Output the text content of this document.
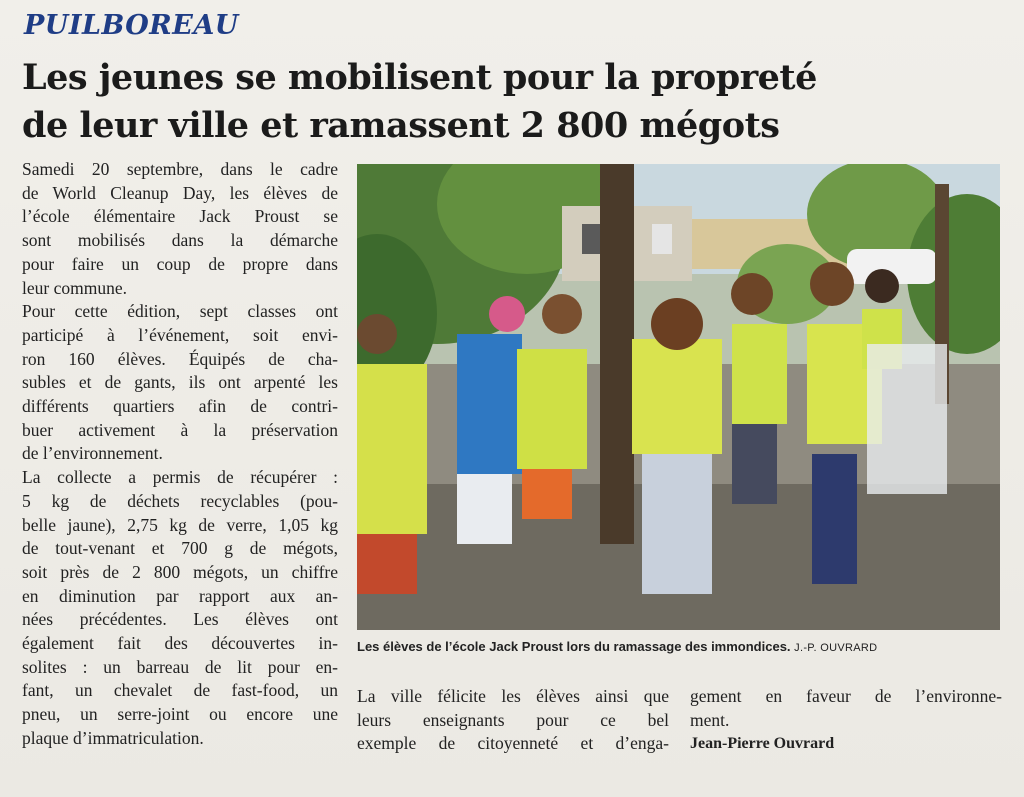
PUILBOREAU
Les jeunes se mobilisent pour la propreté
de leur ville et ramassent 2 800 mégots
Samedi 20 septembre, dans le cadre
de World Cleanup Day, les élèves de
l’école élémentaire Jack Proust se
sont mobilisés dans la démarche
pour faire un coup de propre dans
leur commune.
Pour cette édition, sept classes ont
participé à l’événement, soit envi-
ron 160 élèves. Équipés de cha-
subles et de gants, ils ont arpenté les
différents quartiers afin de contri-
buer activement à la préservation
de l’environnement.
La collecte a permis de récupérer :
5 kg de déchets recyclables (pou-
belle jaune), 2,75 kg de verre, 1,05 kg
de tout-venant et 700 g de mégots,
soit près de 2 800 mégots, un chiffre
en diminution par rapport aux an-
nées précédentes. Les élèves ont
également fait des découvertes in-
solites : un barreau de lit pour en-
fant, un chevalet de fast-food, un
pneu, un serre-joint ou encore une
plaque d’immatriculation.
Les élèves de l’école Jack Proust lors du ramassage des immondices. J.-P. OUVRARD
La ville félicite les élèves ainsi que
leurs enseignants pour ce bel
exemple de citoyenneté et d’enga-
gement en faveur de l’environne-
ment.
Jean-Pierre Ouvrard
